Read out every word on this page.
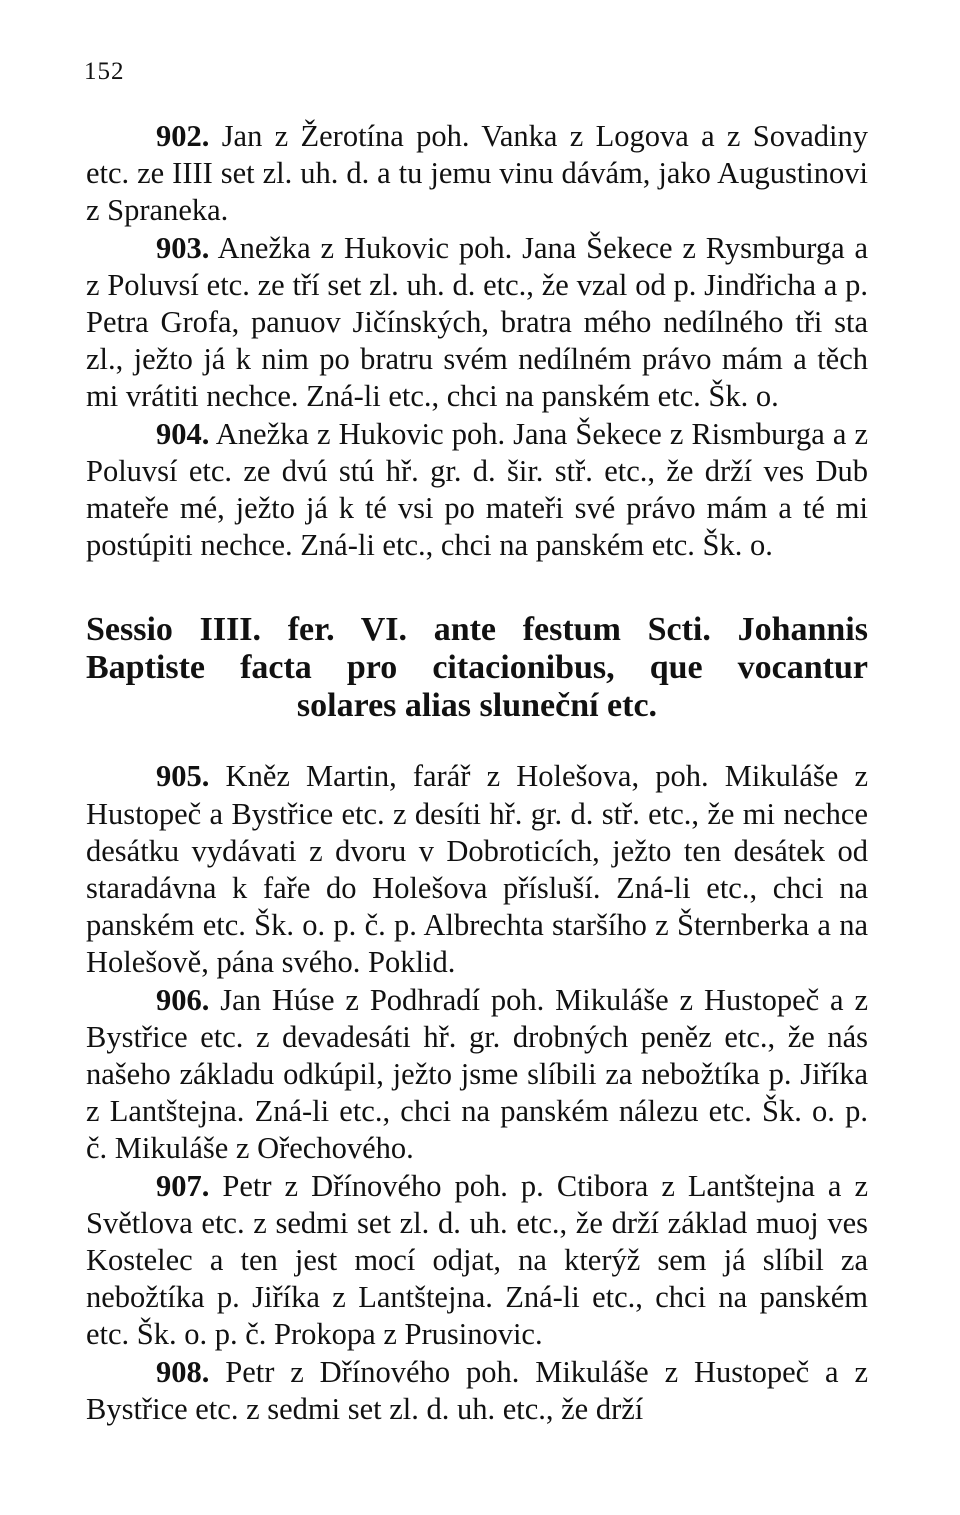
152

902. Jan z Žerotína poh. Vanka z Logova a z Sovadiny etc. ze IIII set zl. uh. d. a tu jemu vinu dávám, jako Augustinovi z Spraneka.

903. Anežka z Hukovic poh. Jana Šekece z Rysmburga a z Poluvsí etc. ze tří set zl. uh. d. etc., že vzal od p. Jindřicha a p. Petra Grofa, panuov Jičínských, bratra mého nedílného tři sta zl., ježto já k nim po bratru svém nedílném právo mám a těch mi vrátiti nechce. Zná-li etc., chci na panském etc. Šk. o.

904. Anežka z Hukovic poh. Jana Šekece z Rismburga a z Poluvsí etc. ze dvú stú hř. gr. d. šir. stř. etc., že drží ves Dub mateře mé, ježto já k té vsi po mateři své právo mám a té mi postúpiti nechce. Zná-li etc., chci na panském etc. Šk. o.

Sessio IIII. fer. VI. ante festum Scti. Johannis
Baptiste facta pro citacionibus, que vocantur
solares alias sluneční etc.

905. Kněz Martin, farář z Holešova, poh. Mikuláše z Hustopeč a Bystřice etc. z desíti hř. gr. d. stř. etc., že mi nechce desátku vydávati z dvoru v Dobroticích, ježto ten desátek od staradávna k faře do Holešova přísluší. Zná-li etc., chci na panském etc. Šk. o. p. č. p. Albrechta staršího z Šternberka a na Holešově, pána svého. Poklid.

906. Jan Húse z Podhradí poh. Mikuláše z Hustopeč a z Bystřice etc. z devadesáti hř. gr. drobných peněz etc., že nás našeho základu odkúpil, ježto jsme slíbili za nebožtíka p. Jiříka z Lantštejna. Zná-li etc., chci na panském nálezu etc. Šk. o. p. č. Mikuláše z Ořechového.

907. Petr z Dřínového poh. p. Ctibora z Lantštejna a z Světlova etc. z sedmi set zl. d. uh. etc., že drží základ muoj ves Kostelec a ten jest mocí odjat, na kterýž sem já slíbil za nebožtíka p. Jiříka z Lantštejna. Zná-li etc., chci na panském etc. Šk. o. p. č. Prokopa z Prusinovic.

908. Petr z Dřínového poh. Mikuláše z Hustopeč a z Bystřice etc. z sedmi set zl. d. uh. etc., že drží
